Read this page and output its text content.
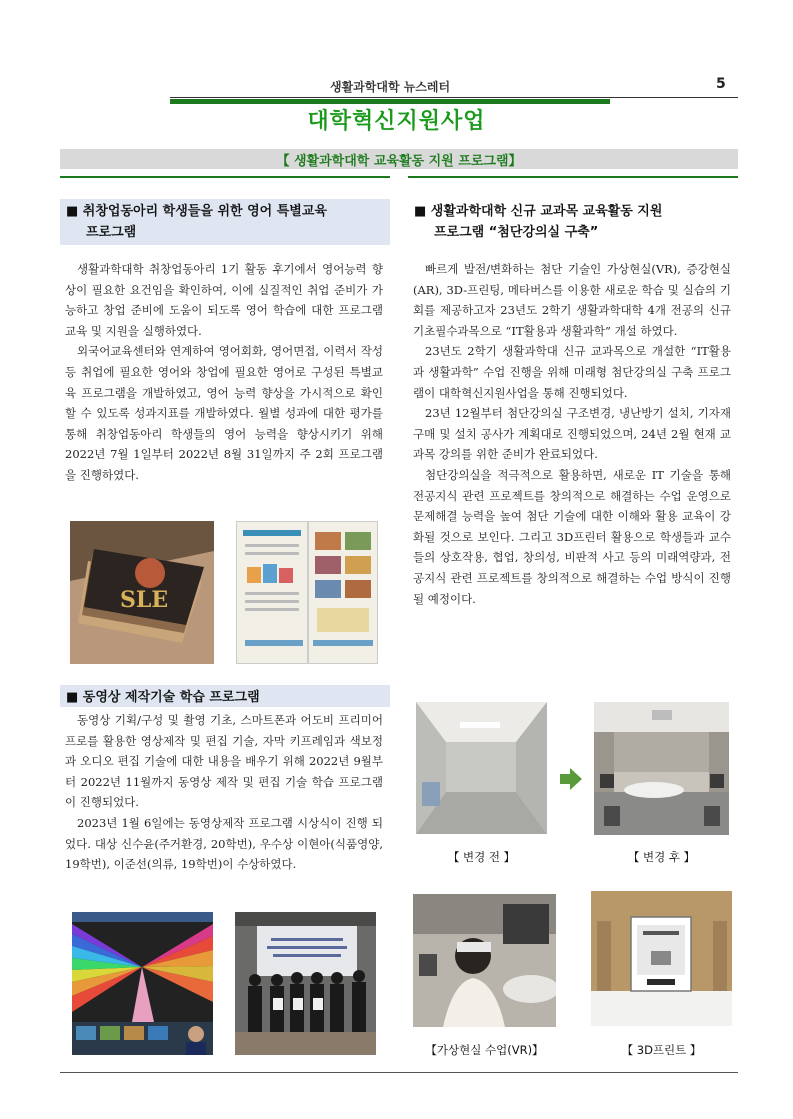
생활과학대학 뉴스레터	5
대학혁신지원사업
【 생활과학대학 교육활동 지원 프로그램】
■ 취창업동아리 학생들을 위한 영어 특별교육
프로그램

생활과학대학 취창업동아리 1기 활동 후기에서 영어능력 향상이 필요한 요건임을 확인하여, 이에 실질적인 취업 준비가 가능하고 창업 준비에 도움이 되도록 영어 학습에 대한 프로그램 교육 및 지원을 실행하였다.

외국어교육센터와 연계하여 영어회화, 영어면접, 이력서 작성 등 취업에 필요한 영어와 창업에 필요한 영어로 구성된 특별교육 프로그램을 개발하였고, 영어 능력 향상을 가시적으로 확인할 수 있도록 성과지표를 개발하였다. 월별 성과에 대한 평가를 통해 취창업동아리 학생들의 영어 능력을 향상시키기 위해 2022년 7월 1일부터 2022년 8월 31일까지 주 2회 프로그램을 진행하였다.

SLE
■ 동영상 제작기술 학습 프로그램

동영상 기획/구성 및 촬영 기초, 스마트폰과 어도비 프리미어 프로를 활용한 영상제작 및 편집 기술, 자막 키프레임과 색보정과 오디오 편집 기술에 대한 내용을 배우기 위해 2022년 9월부터 2022년 11월까지 동영상 제작 및 편집 기술 학습 프로그램이 진행되었다.

2023년 1월 6일에는 동영상제작 프로그램 시상식이 진행 되었다. 대상 신수윤(주거환경, 20학번), 우수상 이현아(식품영양, 19학번), 이준선(의류, 19학번)이 수상하였다.

■ 생활과학대학 신규 교과목 교육활동 지원
프로그램 “첨단강의실 구축”

빠르게 발전/변화하는 첨단 기술인 가상현실(VR), 증강현실(AR), 3D-프린팅, 메타버스를 이용한 새로운 학습 및 실습의 기회를 제공하고자 23년도 2학기 생활과학대학 4개 전공의 신규 기초필수과목으로 “IT활용과 생활과학” 개설 하였다.

23년도 2학기 생활과학대 신규 교과목으로 개설한 “IT활용과 생활과학” 수업 진행을 위해 미래형 첨단강의실 구축 프로그램이 대학혁신지원사업을 통해 진행되었다.

23년 12월부터 첨단강의실 구조변경, 냉난방기 설치, 기자재 구매 및 설치 공사가 계획대로 진행되었으며, 24년 2월 현재 교과목 강의를 위한 준비가 완료되었다.

첨단강의실을 적극적으로 활용하면, 새로운 IT 기술을 통해 전공지식 관련 프로젝트를 창의적으로 해결하는 수업 운영으로 문제해결 능력을 높여 첨단 기술에 대한 이해와 활용 교육이 강화될 것으로 보인다. 그리고 3D프린터 활용으로 학생들과 교수들의 상호작용, 협업, 창의성, 비판적 사고 등의 미래역량과, 전공지식 관련 프로젝트를 창의적으로 해결하는 수업 방식이 진행 될 예정이다.

【 변경 전 】	【 변경 후 】
【가상현실 수업(VR)】	【 3D프린트 】
